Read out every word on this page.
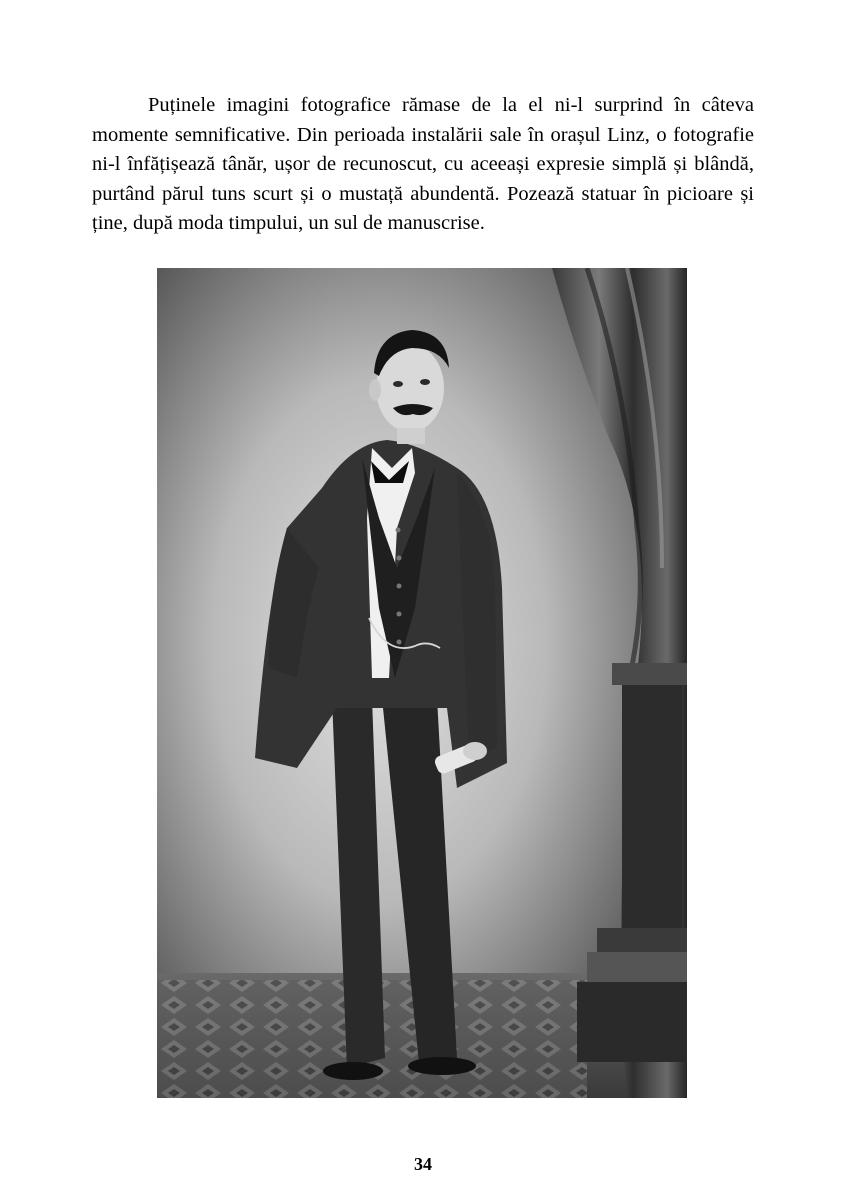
Puținele imagini fotografice rămase de la el ni-l surprind în câteva momente semnificative. Din perioada instalării sale în orașul Linz, o fotografie ni-l înfățișează tânăr, ușor de recunoscut, cu aceeași expresie simplă și blândă, purtând părul tuns scurt și o mustață abundentă. Pozează statuar în picioare și ține, după moda timpului, un sul de manuscrise.

34
